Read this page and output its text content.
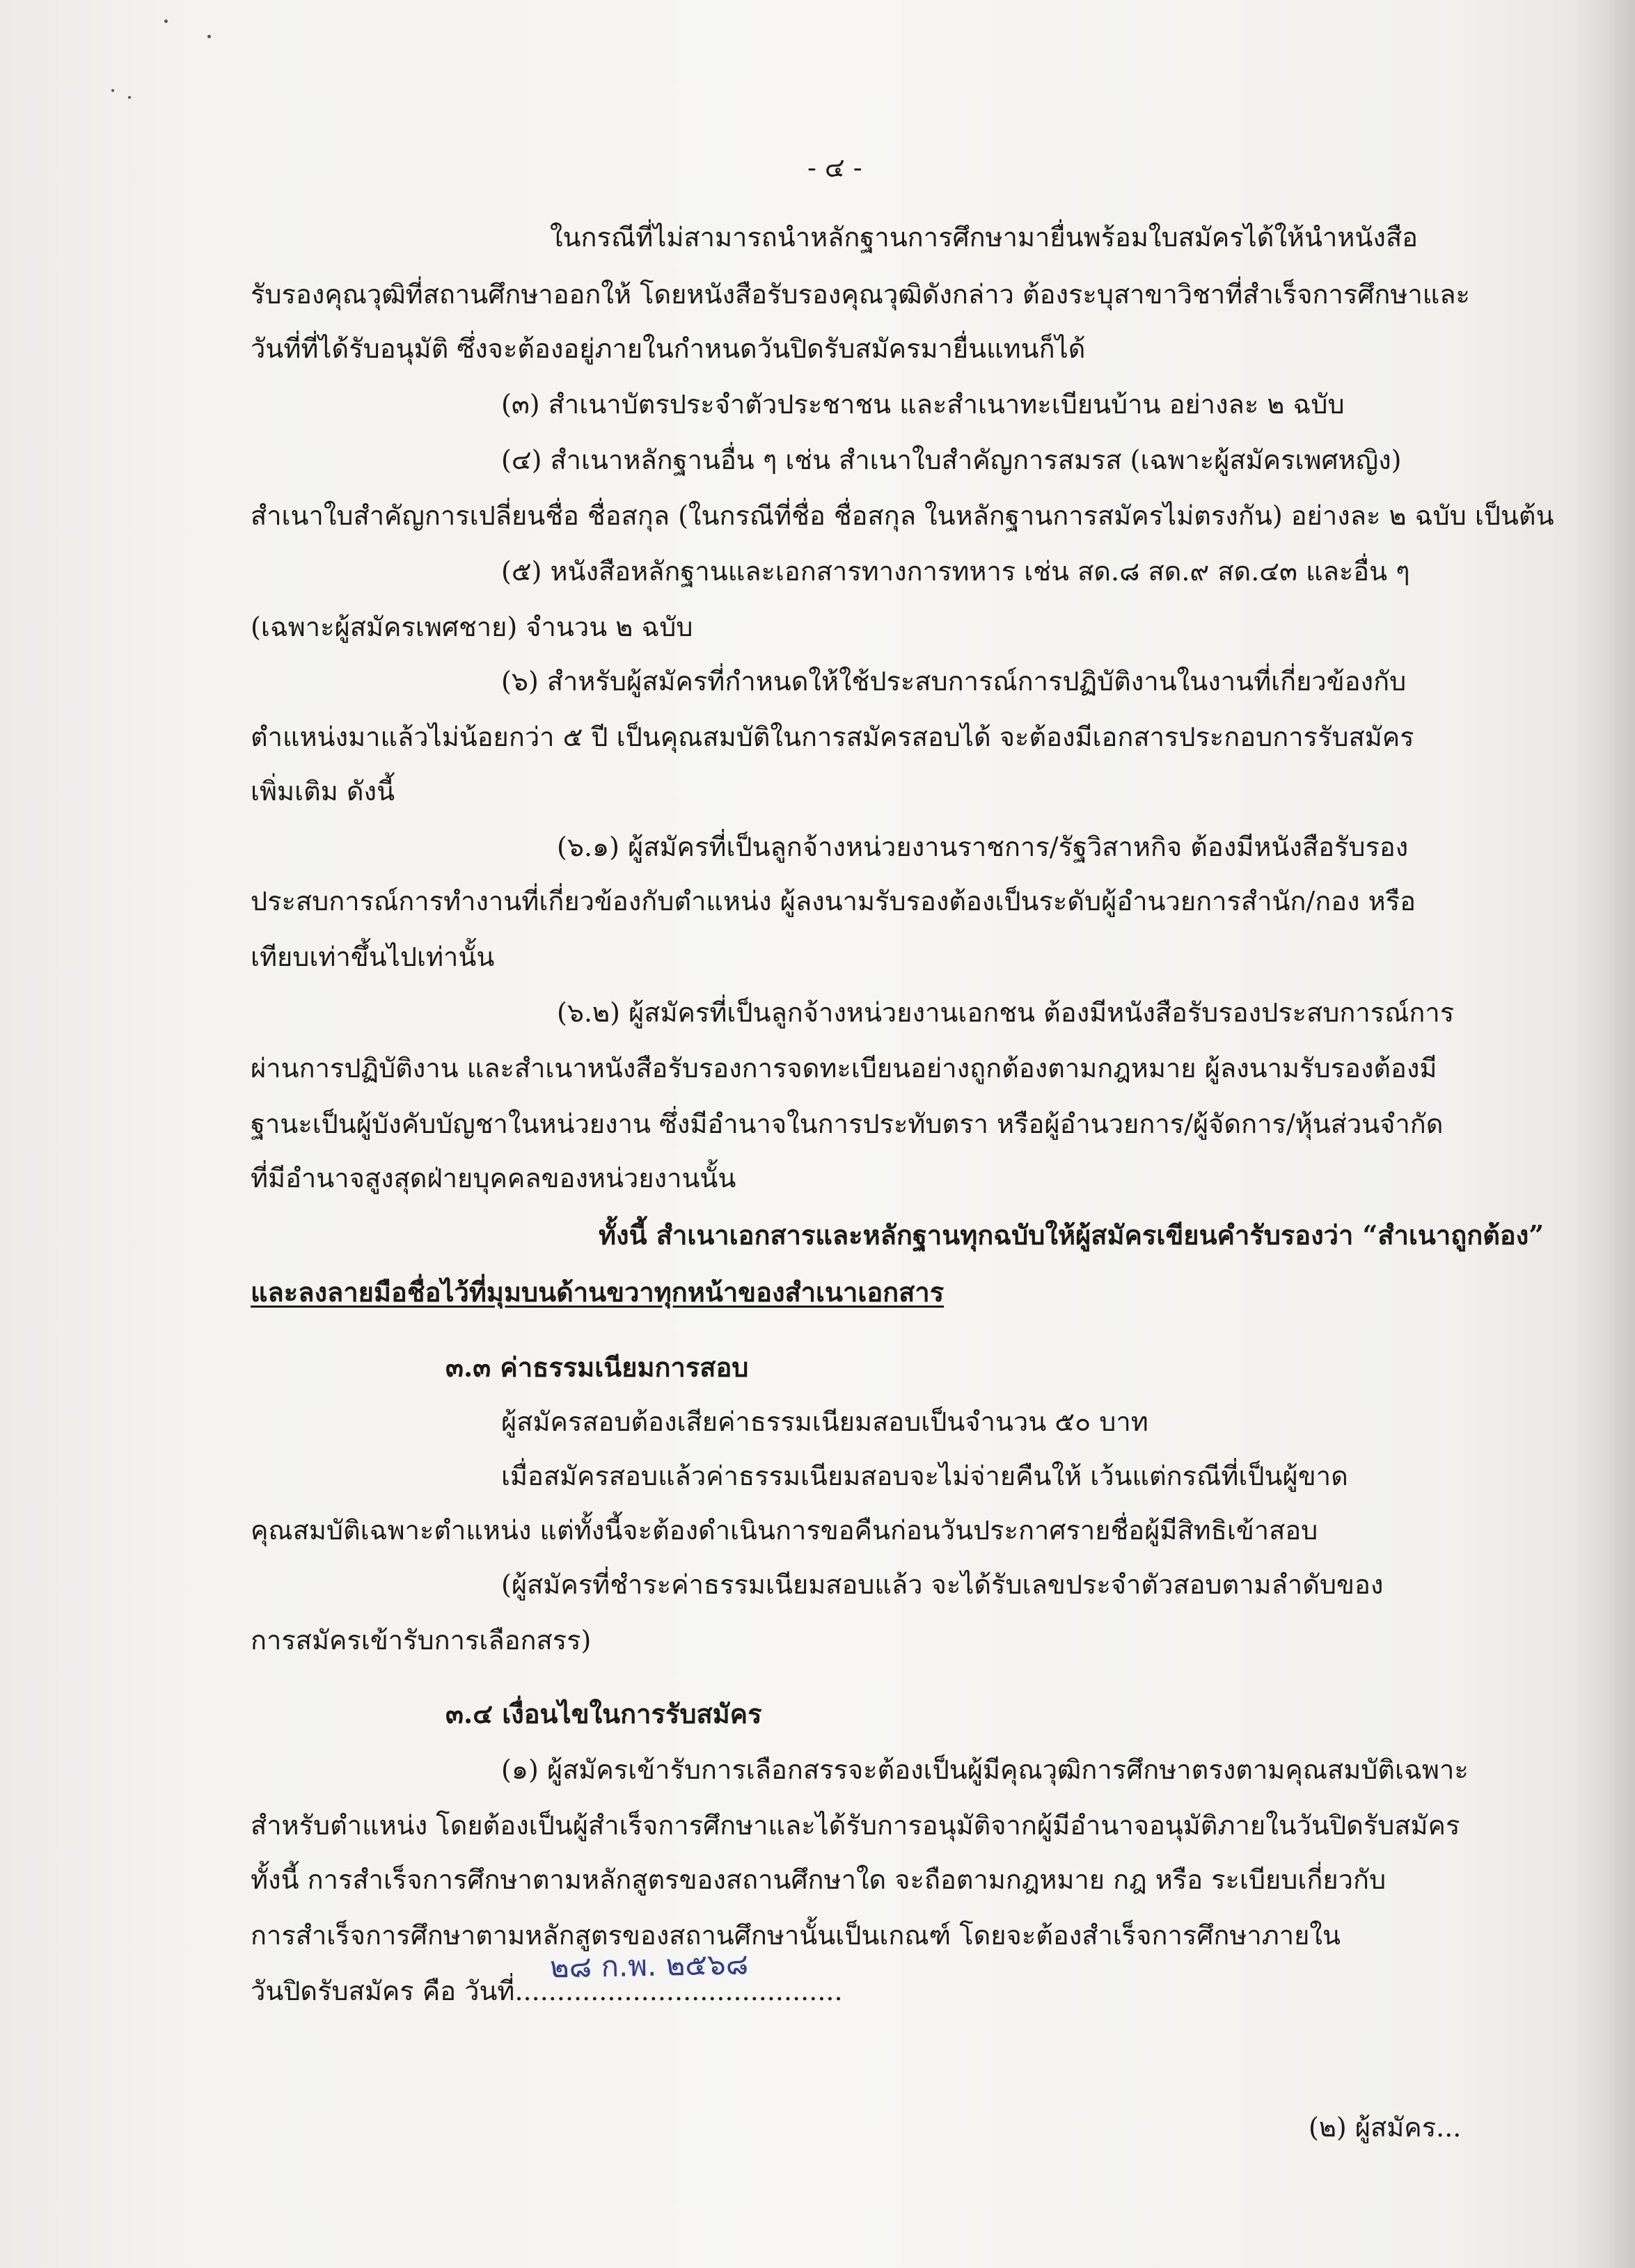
- ๔ -
ในกรณีที่ไม่สามารถนำหลักฐานการศึกษามายื่นพร้อมใบสมัครได้ให้นำหนังสือ
รับรองคุณวุฒิที่สถานศึกษาออกให้ โดยหนังสือรับรองคุณวุฒิดังกล่าว ต้องระบุสาขาวิชาที่สำเร็จการศึกษาและ
วันที่ที่ได้รับอนุมัติ ซึ่งจะต้องอยู่ภายในกำหนดวันปิดรับสมัครมายื่นแทนก็ได้
(๓) สำเนาบัตรประจำตัวประชาชน และสำเนาทะเบียนบ้าน อย่างละ ๒ ฉบับ
(๔) สำเนาหลักฐานอื่น ๆ เช่น สำเนาใบสำคัญการสมรส (เฉพาะผู้สมัครเพศหญิง)
สำเนาใบสำคัญการเปลี่ยนชื่อ ชื่อสกุล (ในกรณีที่ชื่อ ชื่อสกุล ในหลักฐานการสมัครไม่ตรงกัน) อย่างละ ๒ ฉบับ เป็นต้น
(๕) หนังสือหลักฐานและเอกสารทางการทหาร เช่น สด.๘ สด.๙ สด.๔๓ และอื่น ๆ
(เฉพาะผู้สมัครเพศชาย) จำนวน ๒ ฉบับ
(๖) สำหรับผู้สมัครที่กำหนดให้ใช้ประสบการณ์การปฏิบัติงานในงานที่เกี่ยวข้องกับ
ตำแหน่งมาแล้วไม่น้อยกว่า ๕ ปี เป็นคุณสมบัติในการสมัครสอบได้ จะต้องมีเอกสารประกอบการรับสมัคร
เพิ่มเติม ดังนี้
(๖.๑) ผู้สมัครที่เป็นลูกจ้างหน่วยงานราชการ/รัฐวิสาหกิจ ต้องมีหนังสือรับรอง
ประสบการณ์การทำงานที่เกี่ยวข้องกับตำแหน่ง ผู้ลงนามรับรองต้องเป็นระดับผู้อำนวยการสำนัก/กอง หรือ
เทียบเท่าขึ้นไปเท่านั้น
(๖.๒) ผู้สมัครที่เป็นลูกจ้างหน่วยงานเอกชน ต้องมีหนังสือรับรองประสบการณ์การ
ผ่านการปฏิบัติงาน และสำเนาหนังสือรับรองการจดทะเบียนอย่างถูกต้องตามกฎหมาย ผู้ลงนามรับรองต้องมี
ฐานะเป็นผู้บังคับบัญชาในหน่วยงาน ซึ่งมีอำนาจในการประทับตรา หรือผู้อำนวยการ/ผู้จัดการ/หุ้นส่วนจำกัด
ที่มีอำนาจสูงสุดฝ่ายบุคคลของหน่วยงานนั้น
ทั้งนี้ สำเนาเอกสารและหลักฐานทุกฉบับให้ผู้สมัครเขียนคำรับรองว่า “สำเนาถูกต้อง”
และลงลายมือชื่อไว้ที่มุมบนด้านขวาทุกหน้าของสำเนาเอกสาร
๓.๓ ค่าธรรมเนียมการสอบ
ผู้สมัครสอบต้องเสียค่าธรรมเนียมสอบเป็นจำนวน ๕๐ บาท
เมื่อสมัครสอบแล้วค่าธรรมเนียมสอบจะไม่จ่ายคืนให้ เว้นแต่กรณีที่เป็นผู้ขาด
คุณสมบัติเฉพาะตำแหน่ง แต่ทั้งนี้จะต้องดำเนินการขอคืนก่อนวันประกาศรายชื่อผู้มีสิทธิเข้าสอบ
(ผู้สมัครที่ชำระค่าธรรมเนียมสอบแล้ว จะได้รับเลขประจำตัวสอบตามลำดับของ
การสมัครเข้ารับการเลือกสรร)
๓.๔ เงื่อนไขในการรับสมัคร
(๑) ผู้สมัครเข้ารับการเลือกสรรจะต้องเป็นผู้มีคุณวุฒิการศึกษาตรงตามคุณสมบัติเฉพาะ
สำหรับตำแหน่ง โดยต้องเป็นผู้สำเร็จการศึกษาและได้รับการอนุมัติจากผู้มีอำนาจอนุมัติภายในวันปิดรับสมัคร
ทั้งนี้ การสำเร็จการศึกษาตามหลักสูตรของสถานศึกษาใด จะถือตามกฎหมาย กฎ หรือ ระเบียบเกี่ยวกับ
การสำเร็จการศึกษาตามหลักสูตรของสถานศึกษานั้นเป็นเกณฑ์ โดยจะต้องสำเร็จการศึกษาภายใน
วันปิดรับสมัคร คือ วันที่.......................................
๒๘ ก.พ. ๒๕๖๘
(๒) ผู้สมัคร...
